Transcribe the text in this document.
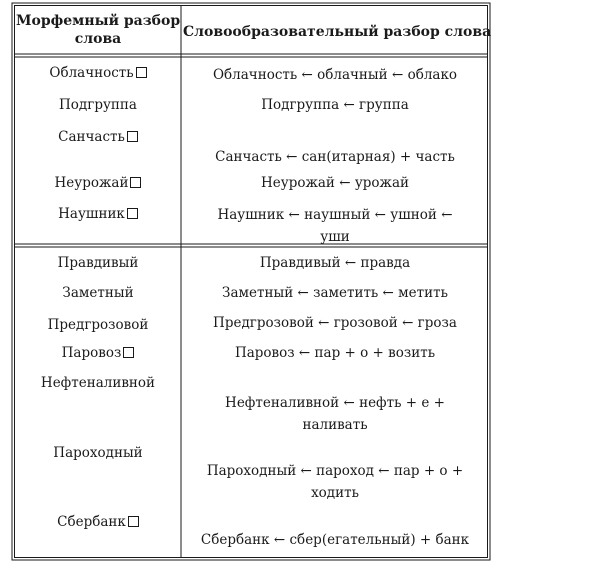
Морфемный разбор
слова	Словообразовательный разбор слова
Облачность
Подгруппа
Санчасть
Неурожай
Наушник
Правдивый
Заметный
Предгрозовой
Паровоз
Нефтеналивной
Пароходный
Сбербанк
Облачность ← облачный ← облако
Подгруппа ← группа
Санчасть ← сан(итарная) + часть
Неурожай ← урожай
Наушник ← наушный ← ушной ←
уши
Правдивый ← правда
Заметный ← заметить ← метить
Предгрозовой ← грозовой ← гроза
Паровоз ← пар + о + возить
Нефтеналивной ← нефть + е +
наливать
Пароходный ← пароход ← пар + о +
ходить
Сбербанк ← сбер(егательный) + банк
